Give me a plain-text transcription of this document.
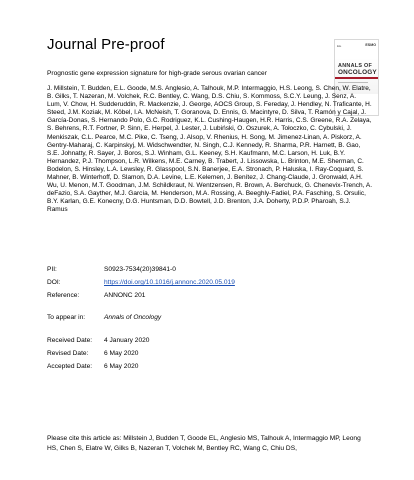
Journal Pre-proof	Ele	ESMO
ANNALS OF
ONCOLOGY
Prognostic gene expression signature for high-grade serous ovarian cancer
J. Millstein, T. Budden, E.L. Goode, M.S. Anglesio, A. Talhouk, M.P. Intermaggio, H.S. Leong, S. Chen, W. Elatre, B. Gilks, T. Nazeran, M. Volchek, R.C. Bentley, C. Wang, D.S. Chiu, S. Kommoss, S.C.Y. Leung, J. Senz, A. Lum, V. Chow, H. Sudderuddin, R. Mackenzie, J. George, AOCS Group, S. Fereday, J. Hendley, N. Traficante, H. Steed, J.M. Koziak, M. Köbel, I.A. McNeish, T. Goranova, D. Ennis, G. Macintyre, D. Silva, T. Ramón y Cajal, J. García-Donas, S. Hernando Polo, G.C. Rodriguez, K.L. Cushing-Haugen, H.R. Harris, C.S. Greene, R.A. Zelaya, S. Behrens, R.T. Fortner, P. Sinn, E. Herpel, J. Lester, J. Lubiński, O. Oszurek, A. Tołoczko, C. Cybulski, J. Menkiszak, C.L. Pearce, M.C. Pike, C. Tseng, J. Alsop, V. Rhenius, H. Song, M. Jimenez-Linan, A. Piskorz, A. Gentry-Maharaj, C. Karpinskyj, M. Widschwendter, N. Singh, C.J. Kennedy, R. Sharma, P.R. Harnett, B. Gao, S.E. Johnatty, R. Sayer, J. Boros, S.J. Winham, G.L. Keeney, S.H. Kaufmann, M.C. Larson, H. Luk, B.Y. Hernandez, P.J. Thompson, L.R. Wilkens, M.E. Carney, B. Trabert, J. Lissowska, L. Brinton, M.E. Sherman, C. Bodelon, S. Hinsley, L.A. Lewsley, R. Glasspool, S.N. Banerjee, E.A. Stronach, P. Haluska, I. Ray-Coquard, S. Mahner, B. Winterhoff, D. Slamon, D.A. Levine, L.E. Kelemen, J. Benítez, J. Chang-Claude, J. Gronwald, A.H. Wu, U. Menon, M.T. Goodman, J.M. Schildkraut, N. Wentzensen, R. Brown, A. Berchuck, G. Chenevix-Trench, A. deFazio, S.A. Gayther, M.J. García, M. Henderson, M.A. Rossing, A. Beeghly-Fadiel, P.A. Fasching, S. Orsulic, B.Y. Karlan, G.E. Konecny, D.G. Huntsman, D.D. Bowtell, J.D. Brenton, J.A. Doherty, P.D.P. Pharoah, S.J. Ramus
PII:	S0923-7534(20)39841-0
DOI:	https://doi.org/10.1016/j.annonc.2020.05.019
Reference:	ANNONC 201
To appear in:	Annals of Oncology
Received Date: 4 January 2020
Revised Date: 6 May 2020
Accepted Date: 6 May 2020
Please cite this article as: Millstein J, Budden T, Goode EL, Anglesio MS, Talhouk A, Intermaggio MP, Leong HS, Chen S, Elatre W, Gilks B, Nazeran T, Volchek M, Bentley RC, Wang C, Chiu DS,
